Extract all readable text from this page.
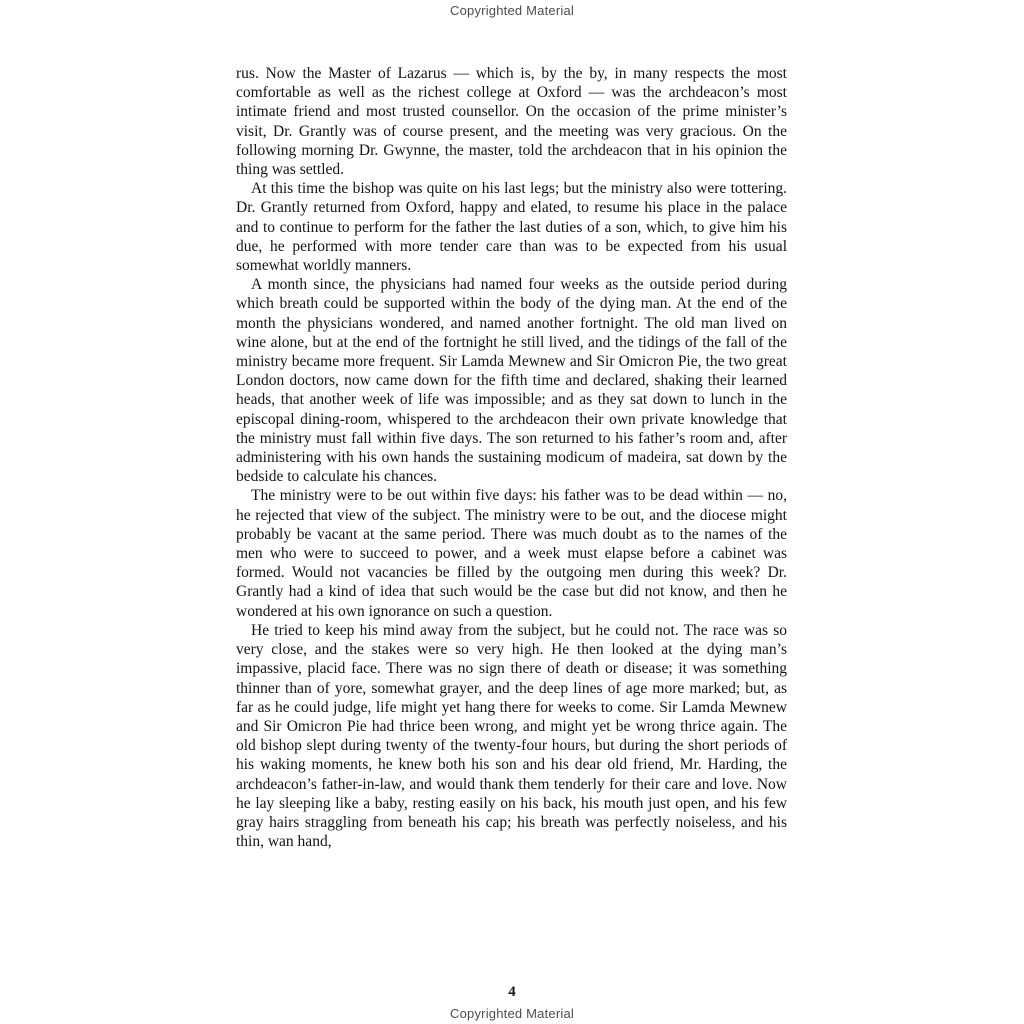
Copyrighted Material

rus. Now the Master of Lazarus — which is, by the by, in many respects the most comfortable as well as the richest college at Oxford — was the archdeacon’s most intimate friend and most trusted counsellor. On the occasion of the prime minister’s visit, Dr. Grantly was of course present, and the meeting was very gracious. On the following morning Dr. Gwynne, the master, told the archdeacon that in his opinion the thing was settled.

At this time the bishop was quite on his last legs; but the ministry also were tottering. Dr. Grantly returned from Oxford, happy and elated, to resume his place in the palace and to continue to perform for the father the last duties of a son, which, to give him his due, he performed with more tender care than was to be expected from his usual somewhat worldly manners.

A month since, the physicians had named four weeks as the outside period during which breath could be supported within the body of the dying man. At the end of the month the physicians wondered, and named another fortnight. The old man lived on wine alone, but at the end of the fortnight he still lived, and the tidings of the fall of the ministry became more frequent. Sir Lamda Mewnew and Sir Omicron Pie, the two great London doctors, now came down for the fifth time and declared, shaking their learned heads, that another week of life was impossible; and as they sat down to lunch in the episcopal dining-room, whispered to the archdeacon their own private knowledge that the ministry must fall within five days. The son returned to his father’s room and, after administering with his own hands the sustaining modicum of madeira, sat down by the bedside to calculate his chances.

The ministry were to be out within five days: his father was to be dead within — no, he rejected that view of the subject. The ministry were to be out, and the diocese might probably be vacant at the same period. There was much doubt as to the names of the men who were to succeed to power, and a week must elapse before a cabinet was formed. Would not vacancies be filled by the outgoing men during this week? Dr. Grantly had a kind of idea that such would be the case but did not know, and then he wondered at his own ignorance on such a question.

He tried to keep his mind away from the subject, but he could not. The race was so very close, and the stakes were so very high. He then looked at the dying man’s impassive, placid face. There was no sign there of death or disease; it was something thinner than of yore, somewhat grayer, and the deep lines of age more marked; but, as far as he could judge, life might yet hang there for weeks to come. Sir Lamda Mewnew and Sir Omicron Pie had thrice been wrong, and might yet be wrong thrice again. The old bishop slept during twenty of the twenty-four hours, but during the short periods of his waking moments, he knew both his son and his dear old friend, Mr. Harding, the archdeacon’s father-in-law, and would thank them tenderly for their care and love. Now he lay sleeping like a baby, resting easily on his back, his mouth just open, and his few gray hairs straggling from beneath his cap; his breath was perfectly noiseless, and his thin, wan hand,

4
Copyrighted Material
